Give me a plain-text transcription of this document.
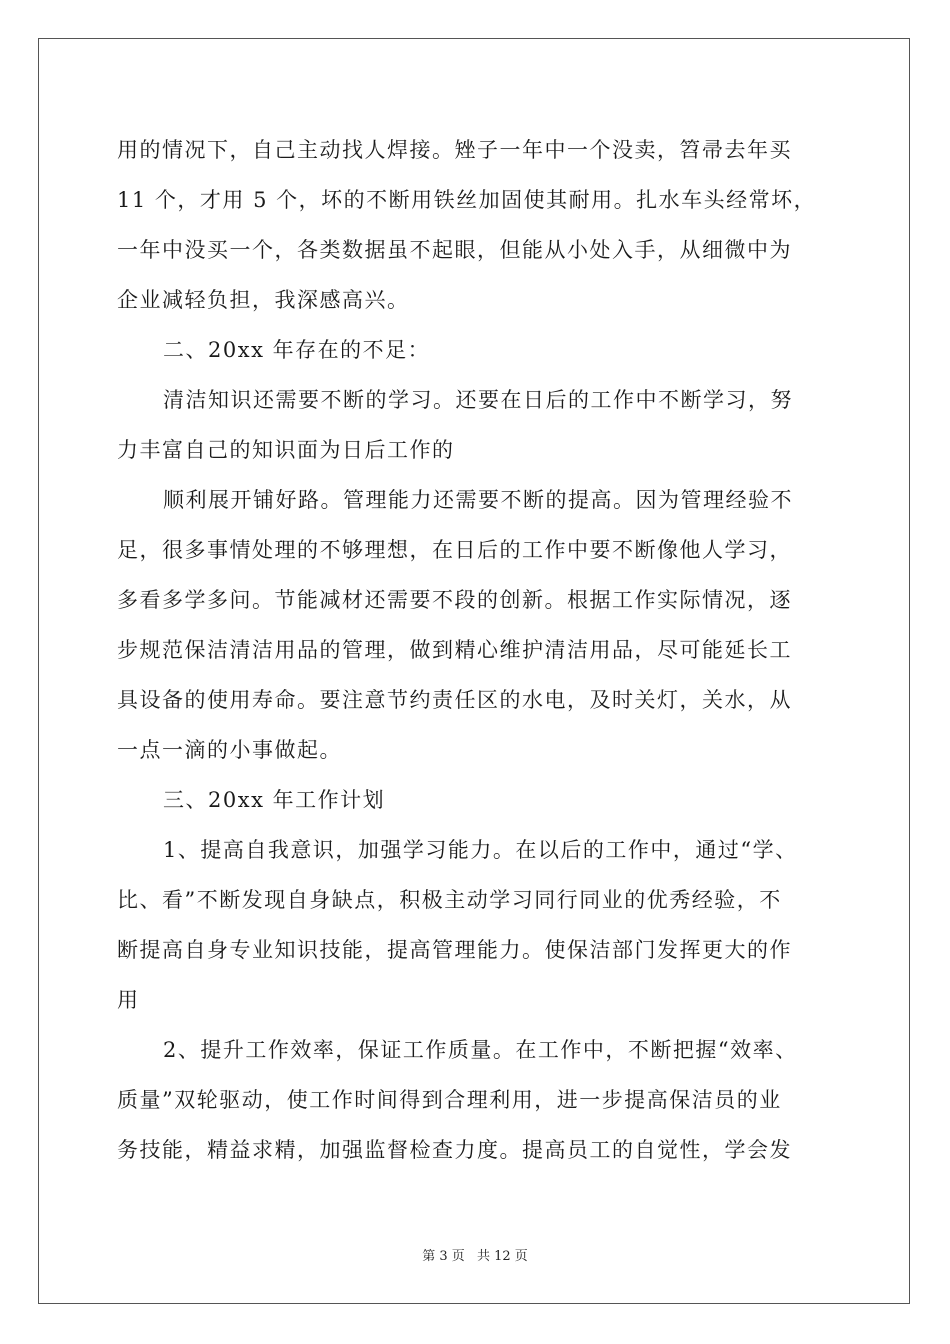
用的情况下，自己主动找人焊接。矬子一年中一个没卖，笤帚去年买
11 个，才用 5 个，坏的不断用铁丝加固使其耐用。扎水车头经常坏，
一年中没买一个，各类数据虽不起眼，但能从小处入手，从细微中为
企业减轻负担，我深感高兴。
二、20xx 年存在的不足：
清洁知识还需要不断的学习。还要在日后的工作中不断学习，努
力丰富自己的知识面为日后工作的
顺利展开铺好路。管理能力还需要不断的提高。因为管理经验不
足，很多事情处理的不够理想，在日后的工作中要不断像他人学习，
多看多学多问。节能减材还需要不段的创新。根据工作实际情况，逐
步规范保洁清洁用品的管理，做到精心维护清洁用品，尽可能延长工
具设备的使用寿命。要注意节约责任区的水电，及时关灯，关水，从
一点一滴的小事做起。
三、20xx 年工作计划
1、提高自我意识，加强学习能力。在以后的工作中，通过“学、
比、看”不断发现自身缺点，积极主动学习同行同业的优秀经验，不
断提高自身专业知识技能，提高管理能力。使保洁部门发挥更大的作
用
2、提升工作效率，保证工作质量。在工作中，不断把握“效率、
质量”双轮驱动，使工作时间得到合理利用，进一步提高保洁员的业
务技能，精益求精，加强监督检查力度。提高员工的自觉性，学会发
第 3 页 共 12 页
